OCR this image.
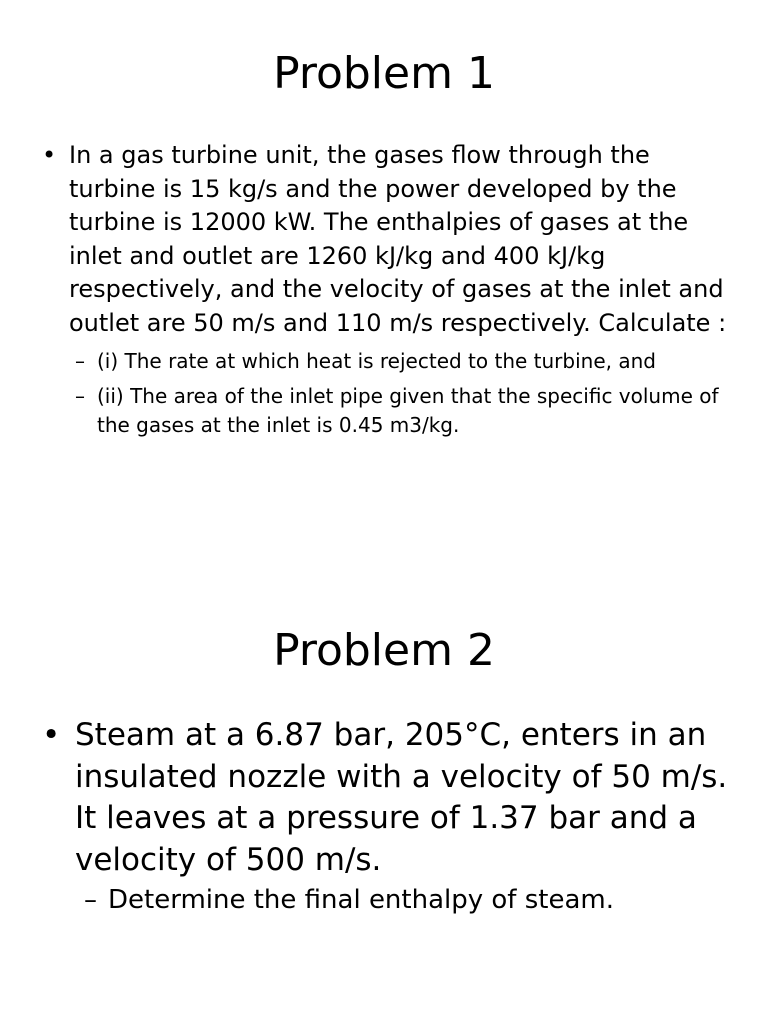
Problem 1
• In a gas turbine unit, the gases flow through the turbine is 15 kg/s and the power developed by the turbine is 12000 kW. The enthalpies of gases at the inlet and outlet are 1260 kJ/kg and 400 kJ/kg respectively, and the velocity of gases at the inlet and outlet are 50 m/s and 110 m/s respectively. Calculate :
– (i) The rate at which heat is rejected to the turbine, and
– (ii) The area of the inlet pipe given that the specific volume of the gases at the inlet is 0.45 m3/kg.
Problem 2
• Steam at a 6.87 bar, 205°C, enters in an insulated nozzle with a velocity of 50 m/s. It leaves at a pressure of 1.37 bar and a velocity of 500 m/s.
– Determine the final enthalpy of steam.
